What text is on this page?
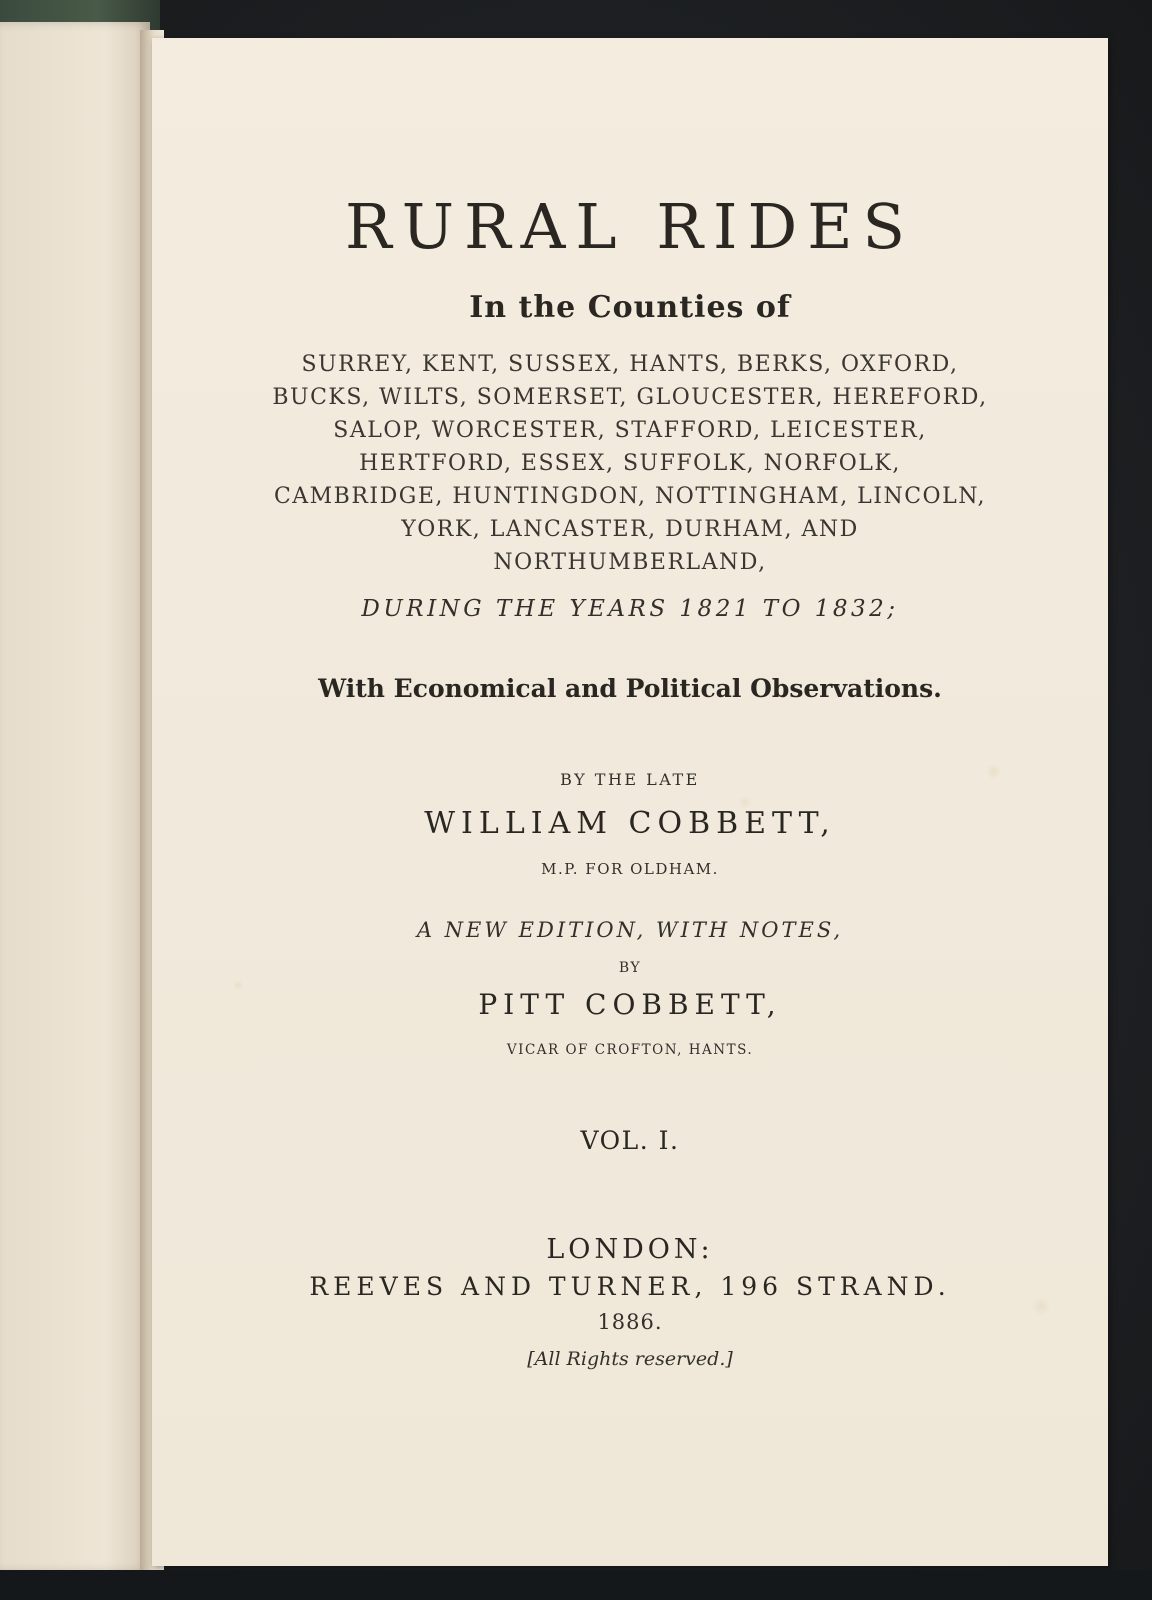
RURAL RIDES
In the Counties of
SURREY, KENT, SUSSEX, HANTS, BERKS, OXFORD,
BUCKS, WILTS, SOMERSET, GLOUCESTER, HEREFORD,
SALOP, WORCESTER, STAFFORD, LEICESTER,
HERTFORD, ESSEX, SUFFOLK, NORFOLK,
CAMBRIDGE, HUNTINGDON, NOTTINGHAM, LINCOLN,
YORK, LANCASTER, DURHAM, AND
NORTHUMBERLAND,
DURING THE YEARS 1821 TO 1832;
With Economical and Political Observations.
BY THE LATE
WILLIAM COBBETT,
M.P. FOR OLDHAM.
A NEW EDITION, WITH NOTES,
BY
PITT COBBETT,
VICAR OF CROFTON, HANTS.
VOL. I.
LONDON:
REEVES AND TURNER, 196 STRAND.
1886.
[All Rights reserved.]
